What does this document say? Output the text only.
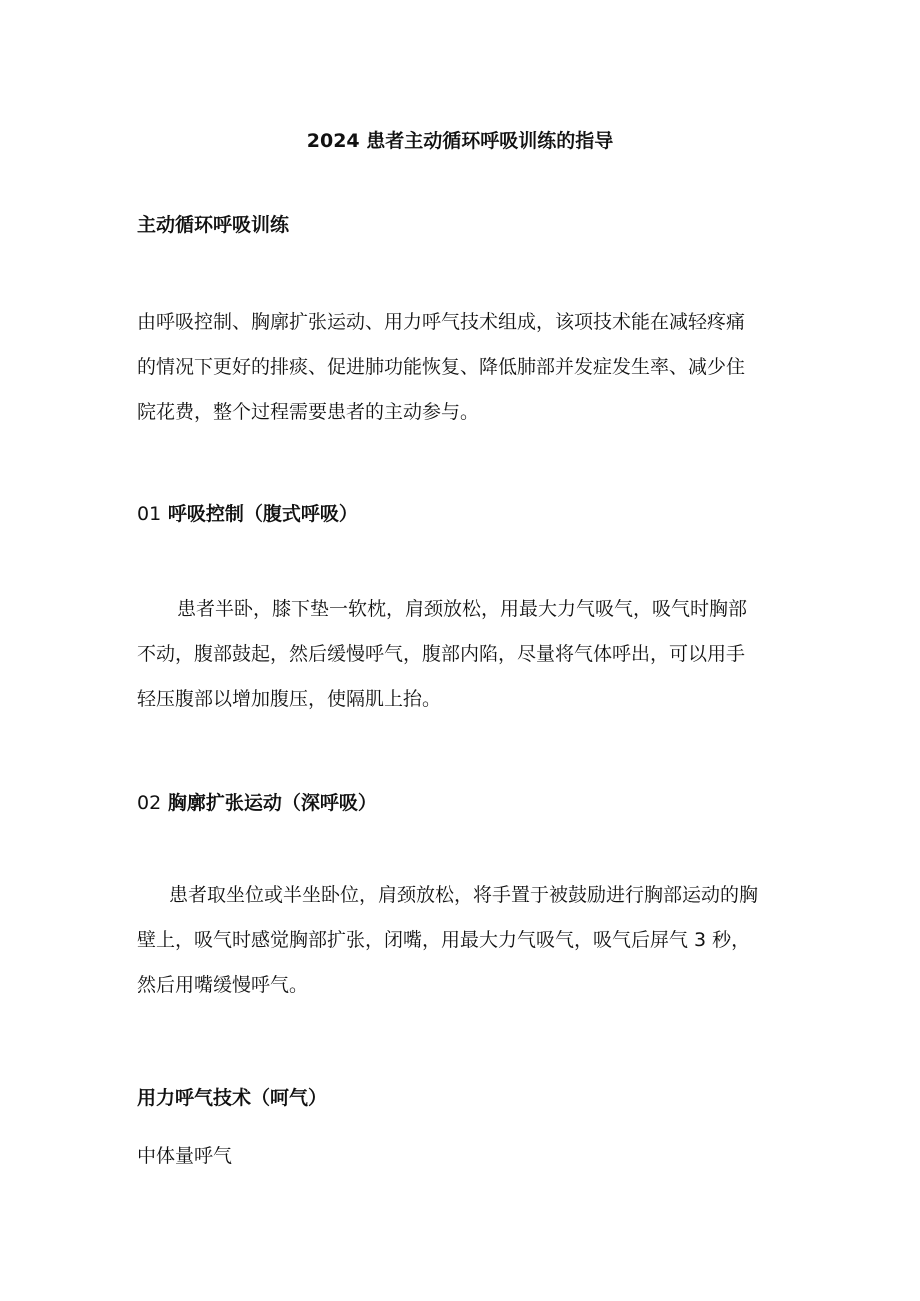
2024 患者主动循环呼吸训练的指导
主动循环呼吸训练
由呼吸控制、胸廓扩张运动、用力呼气技术组成，该项技术能在减轻疼痛
的情况下更好的排痰、促进肺功能恢复、降低肺部并发症发生率、减少住
院花费，整个过程需要患者的主动参与。
01 呼吸控制（腹式呼吸）
患者半卧，膝下垫一软枕，肩颈放松，用最大力气吸气，吸气时胸部
不动，腹部鼓起，然后缓慢呼气，腹部内陷，尽量将气体呼出，可以用手
轻压腹部以增加腹压，使隔肌上抬。
02 胸廓扩张运动（深呼吸）
患者取坐位或半坐卧位，肩颈放松，将手置于被鼓励进行胸部运动的胸
壁上，吸气时感觉胸部扩张，闭嘴，用最大力气吸气，吸气后屏气 3 秒，
然后用嘴缓慢呼气。
用力呼气技术（呵气）
中体量呼气
